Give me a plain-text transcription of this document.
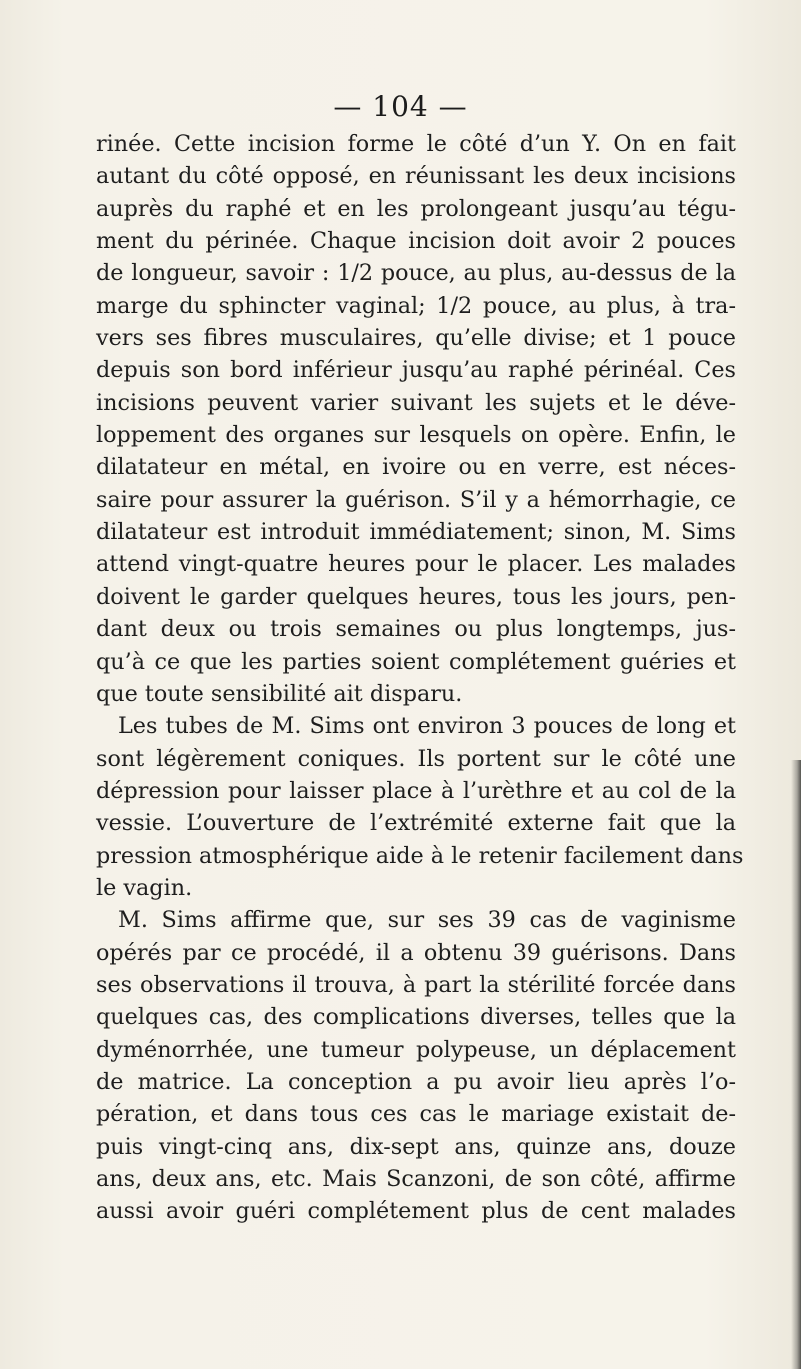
— 104 —
rinée. Cette incision forme le côté d’un Y. On en fait
autant du côté opposé, en réunissant les deux incisions
auprès du raphé et en les prolongeant jusqu’au tégu-
ment du périnée. Chaque incision doit avoir 2 pouces
de longueur, savoir : 1/2 pouce, au plus, au-dessus de la
marge du sphincter vaginal; 1/2 pouce, au plus, à tra-
vers ses fibres musculaires, qu’elle divise; et 1 pouce
depuis son bord inférieur jusqu’au raphé périnéal. Ces
incisions peuvent varier suivant les sujets et le déve-
loppement des organes sur lesquels on opère. Enfin, le
dilatateur en métal, en ivoire ou en verre, est néces-
saire pour assurer la guérison. S’il y a hémorrhagie, ce
dilatateur est introduit immédiatement; sinon, M. Sims
attend vingt-quatre heures pour le placer. Les malades
doivent le garder quelques heures, tous les jours, pen-
dant deux ou trois semaines ou plus longtemps, jus-
qu’à ce que les parties soient complétement guéries et
que toute sensibilité ait disparu.
Les tubes de M. Sims ont environ 3 pouces de long et
sont légèrement coniques. Ils portent sur le côté une
dépression pour laisser place à l’urèthre et au col de la
vessie. L’ouverture de l’extrémité externe fait que la
pression atmosphérique aide à le retenir facilement dans
le vagin.
M. Sims affirme que, sur ses 39 cas de vaginisme
opérés par ce procédé, il a obtenu 39 guérisons. Dans
ses observations il trouva, à part la stérilité forcée dans
quelques cas, des complications diverses, telles que la
dyménorrhée, une tumeur polypeuse, un déplacement
de matrice. La conception a pu avoir lieu après l’o-
pération, et dans tous ces cas le mariage existait de-
puis vingt-cinq ans, dix-sept ans, quinze ans, douze
ans, deux ans, etc. Mais Scanzoni, de son côté, affirme
aussi avoir guéri complétement plus de cent malades
